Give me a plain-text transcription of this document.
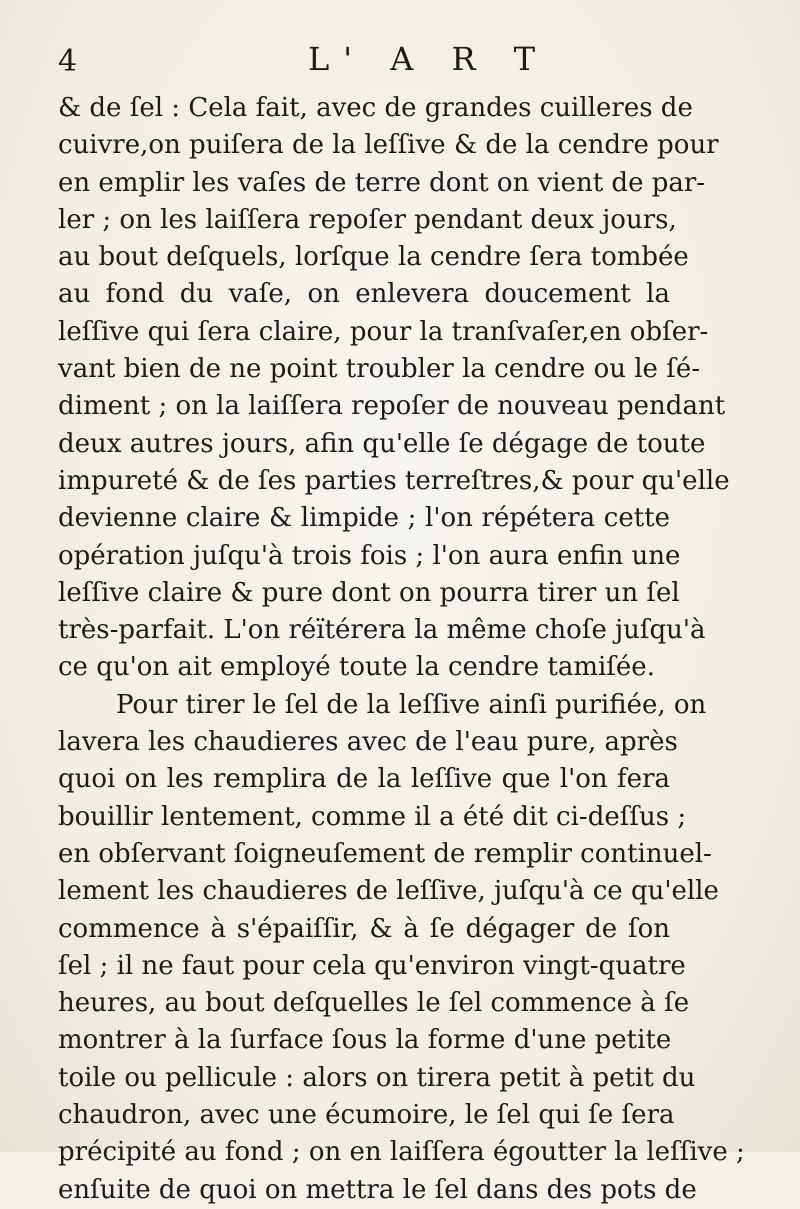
4	L' A R T
& de ſel : Cela fait, avec de grandes cuilleres de
cuivre,on puiſera de la leſſive & de la cendre pour
en emplir les vaſes de terre dont on vient de par-
ler ; on les laiſſera repoſer pendant deux jours,
au bout deſquels, lorſque la cendre ſera tombée
au fond du vaſe, on enlevera doucement la
leſſive qui ſera claire, pour la tranſvaſer,en obſer-
vant bien de ne point troubler la cendre ou le ſé-
diment ; on la laiſſera repoſer de nouveau pendant
deux autres jours, afin qu'elle ſe dégage de toute
impureté & de ſes parties terreſtres,& pour qu'elle
devienne claire & limpide ; l'on répétera cette
opération juſqu'à trois fois ; l'on aura enfin une
leſſive claire & pure dont on pourra tirer un ſel
très-parfait. L'on réïtérera la même choſe juſqu'à
ce qu'on ait employé toute la cendre tamiſée.
Pour tirer le ſel de la leſſive ainſi purifiée, on
lavera les chaudieres avec de l'eau pure, après
quoi on les remplira de la leſſive que l'on fera
bouillir lentement, comme il a été dit ci-deſſus ;
en obſervant ſoigneuſement de remplir continuel-
lement les chaudieres de leſſive, juſqu'à ce qu'elle
commence à s'épaiſſir, & à ſe dégager de ſon
ſel ; il ne faut pour cela qu'environ vingt-quatre
heures, au bout deſquelles le ſel commence à ſe
montrer à la ſurface ſous la forme d'une petite
toile ou pellicule : alors on tirera petit à petit du
chaudron, avec une écumoire, le ſel qui ſe ſera
précipité au fond ; on en laiſſera égoutter la leſſive ;
enſuite de quoi on mettra le ſel dans des pots de
